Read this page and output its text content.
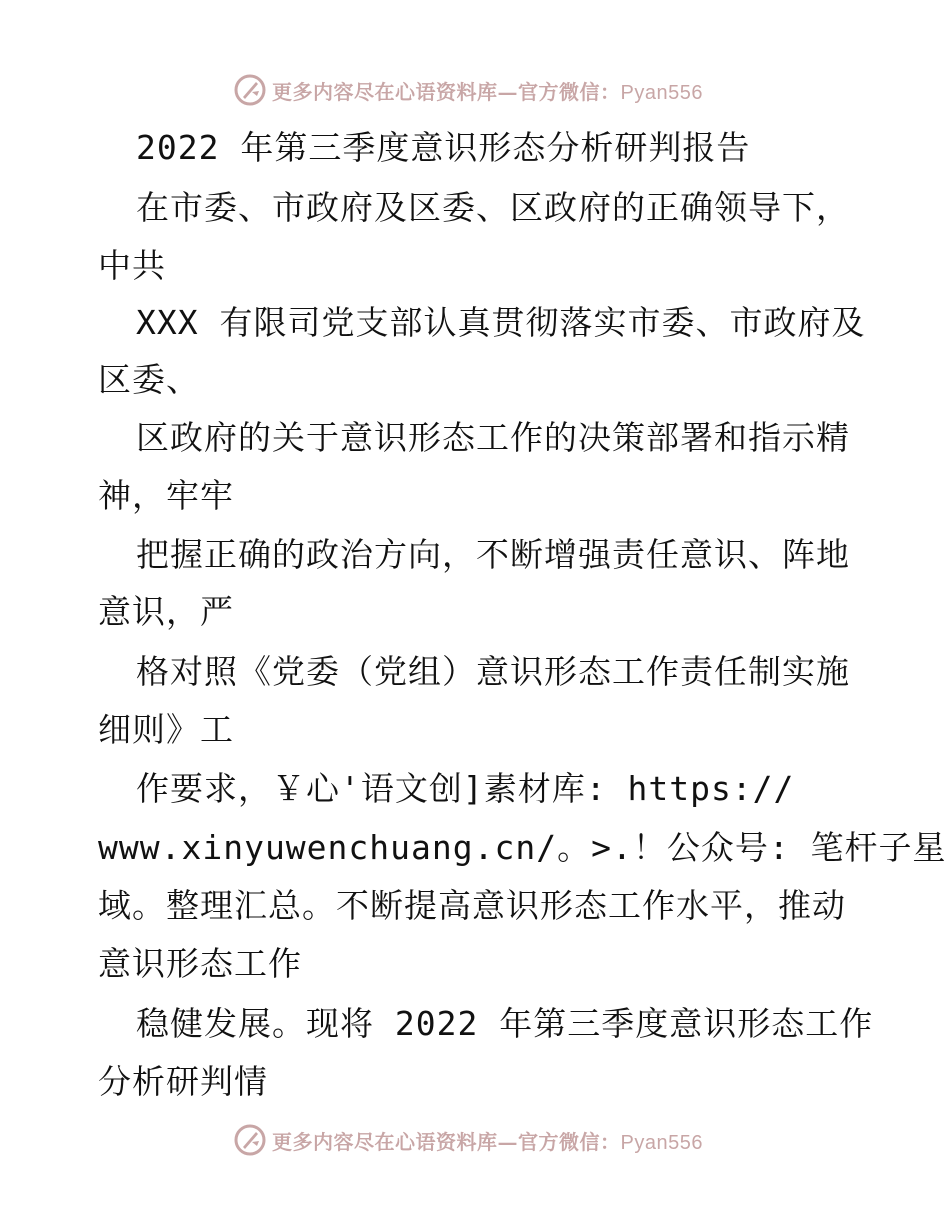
更多内容尽在心语资料库—官方微信：Pyan556
2022 年第三季度意识形态分析研判报告
在市委、市政府及区委、区政府的正确领导下，
中共
XXX 有限司党支部认真贯彻落实市委、市政府及
区委、
区政府的关于意识形态工作的决策部署和指示精
神，牢牢
把握正确的政治方向，不断增强责任意识、阵地
意识，严
格对照《党委（党组）意识形态工作责任制实施
细则》工
作要求，￥心'语文创]素材库: https://
www.xinyuwenchuang.cn/。>.！公众号: 笔杆子星
域。整理汇总。不断提高意识形态工作水平，推动
意识形态工作
稳健发展。现将 2022 年第三季度意识形态工作
分析研判情
更多内容尽在心语资料库—官方微信：Pyan556
